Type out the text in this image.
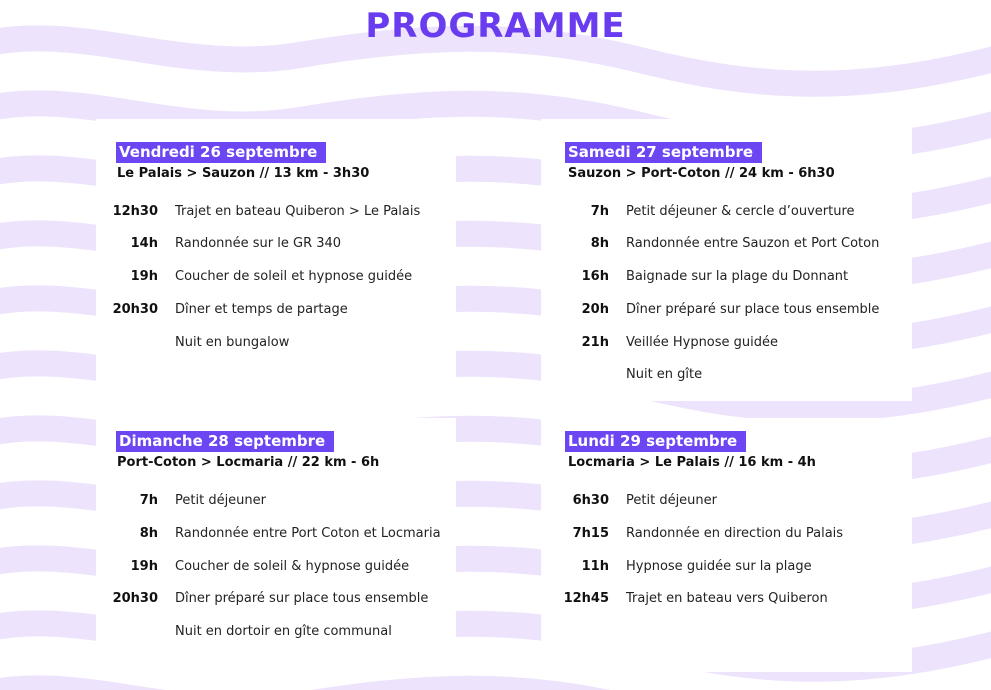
PROGRAMME
Vendredi 26 septembre
Le Palais > Sauzon // 13 km - 3h30
12h30 Trajet en bateau Quiberon > Le Palais
14h Randonnée sur le GR 340
19h Coucher de soleil et hypnose guidée
20h30 Dîner et temps de partage
Nuit en bungalow
Samedi 27 septembre
Sauzon > Port-Coton // 24 km - 6h30
7h Petit déjeuner & cercle d’ouverture
8h Randonnée entre Sauzon et Port Coton
16h Baignade sur la plage du Donnant
20h Dîner préparé sur place tous ensemble
21h Veillée Hypnose guidée
Nuit en gîte
Dimanche 28 septembre
Port-Coton > Locmaria // 22 km - 6h
7h Petit déjeuner
8h Randonnée entre Port Coton et Locmaria
19h Coucher de soleil & hypnose guidée
20h30 Dîner préparé sur place tous ensemble
Nuit en dortoir en gîte communal
Lundi 29 septembre
Locmaria > Le Palais // 16 km - 4h
6h30 Petit déjeuner
7h15 Randonnée en direction du Palais
11h Hypnose guidée sur la plage
12h45 Trajet en bateau vers Quiberon
